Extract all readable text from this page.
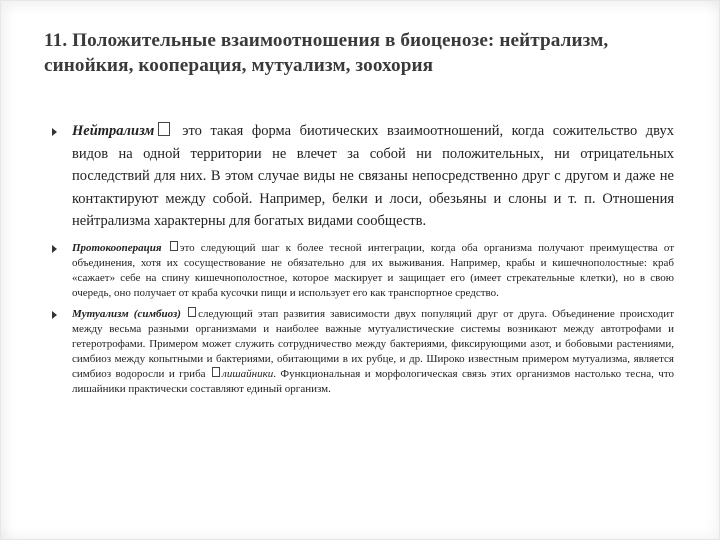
11. Положительные взаимоотношения в биоценозе: нейтрализм, синойкия, кооперация, мутуализм, зоохория
Нейтрализм это такая форма биотических взаимоотношений, когда сожительство двух видов на одной территории не влечет за собой ни положительных, ни отрицательных последствий для них. В этом случае виды не связаны непосредственно друг с другом и даже не контактируют между собой. Например, белки и лоси, обезьяны и слоны и т. п. Отношения нейтрализма характерны для богатых видами сообществ.
Протокооперация это следующий шаг к более тесной интеграции, когда оба организма получают преимущества от объединения, хотя их сосуществование не обязательно для их выживания. Например, крабы и кишечнополостные: краб «сажает» себе на спину кишечнополостное, которое маскирует и защищает его (имеет стрекательные клетки), но в свою очередь, оно получает от краба кусочки пищи и использует его как транспортное средство.
Мутуализм (симбиоз) следующий этап развития зависимости двух популяций друг от друга. Объединение происходит между весьма разными организмами и наиболее важные мутуалистические системы возникают между автотрофами и гетеротрофами. Примером может служить сотрудничество между бактериями, фиксирующими азот, и бобовыми растениями, симбиоз между копытными и бактериями, обитающими в их рубце, и др. Широко известным примером мутуализма, является симбиоз водоросли и гриба лишайники. Функциональная и морфологическая связь этих организмов настолько тесна, что лишайники практически составляют единый организм.
